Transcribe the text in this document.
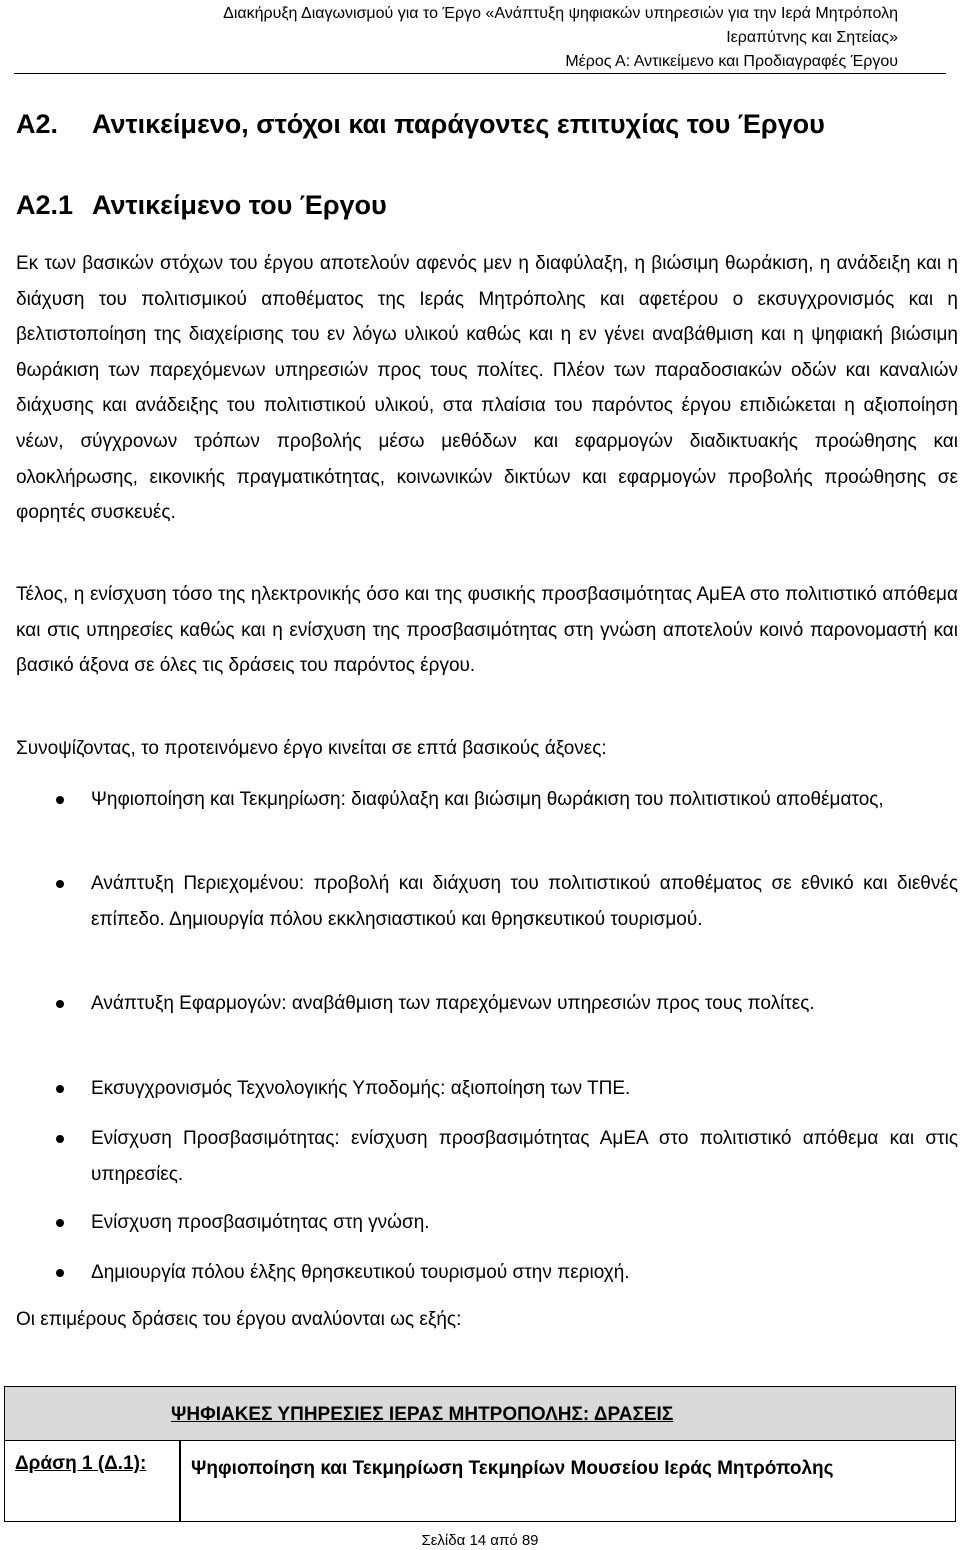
Διακήρυξη Διαγωνισμού για το Έργο «Ανάπτυξη ψηφιακών υπηρεσιών για την Ιερά Μητρόπολη
Ιεραπύτνης και Σητείας»
Μέρος Α: Αντικείμενο και Προδιαγραφές Έργου
Α2. Αντικείμενο, στόχοι και παράγοντες επιτυχίας του Έργου
Α2.1 Αντικείμενο του Έργου

Εκ των βασικών στόχων του έργου αποτελούν αφενός μεν η διαφύλαξη, η βιώσιμη θωράκιση, η ανάδειξη και η διάχυση του πολιτισμικού αποθέματος της Ιεράς Μητρόπολης και αφετέρου ο εκσυγχρονισμός και η βελτιστοποίηση της διαχείρισης του εν λόγω υλικού καθώς και η εν γένει αναβάθμιση και η ψηφιακή βιώσιμη θωράκιση των παρεχόμενων υπηρεσιών προς τους πολίτες. Πλέον των παραδοσιακών οδών και καναλιών διάχυσης και ανάδειξης του πολιτιστικού υλικού, στα πλαίσια του παρόντος έργου επιδιώκεται η αξιοποίηση νέων, σύγχρονων τρόπων προβολής μέσω μεθόδων και εφαρμογών διαδικτυακής προώθησης και ολοκλήρωσης, εικονικής πραγματικότητας, κοινωνικών δικτύων και εφαρμογών προβολής προώθησης σε φορητές συσκευές.

Τέλος, η ενίσχυση τόσο της ηλεκτρονικής όσο και της φυσικής προσβασιμότητας ΑμΕΑ στο πολιτιστικό απόθεμα και στις υπηρεσίες καθώς και η ενίσχυση της προσβασιμότητας στη γνώση αποτελούν κοινό παρονομαστή και βασικό άξονα σε όλες τις δράσεις του παρόντος έργου.

Συνοψίζοντας, το προτεινόμενο έργο κινείται σε επτά βασικούς άξονες:

Ψηφιοποίηση και Τεκμηρίωση: διαφύλαξη και βιώσιμη θωράκιση του πολιτιστικού αποθέματος,
Ανάπτυξη Περιεχομένου: προβολή και διάχυση του πολιτιστικού αποθέματος σε εθνικό και διεθνές επίπεδο. Δημιουργία πόλου εκκλησιαστικού και θρησκευτικού τουρισμού.
Ανάπτυξη Εφαρμογών: αναβάθμιση των παρεχόμενων υπηρεσιών προς τους πολίτες.
Εκσυγχρονισμός Τεχνολογικής Υποδομής: αξιοποίηση των ΤΠΕ.
Ενίσχυση Προσβασιμότητας: ενίσχυση προσβασιμότητας ΑμΕΑ στο πολιτιστικό απόθεμα και στις υπηρεσίες.
Ενίσχυση προσβασιμότητας στη γνώση.
Δημιουργία πόλου έλξης θρησκευτικού τουρισμού στην περιοχή.

Οι επιμέρους δράσεις του έργου αναλύονται ως εξής:

ΨΗΦΙΑΚΕΣ ΥΠΗΡΕΣΙΕΣ ΙΕΡΑΣ ΜΗΤΡΟΠΟΛΗΣ: ΔΡΑΣΕΙΣ
Δράση 1 (Δ.1): Ψηφιοποίηση και Τεκμηρίωση Τεκμηρίων Μουσείου Ιεράς Μητρόπολης
Σελίδα 14 από 89
